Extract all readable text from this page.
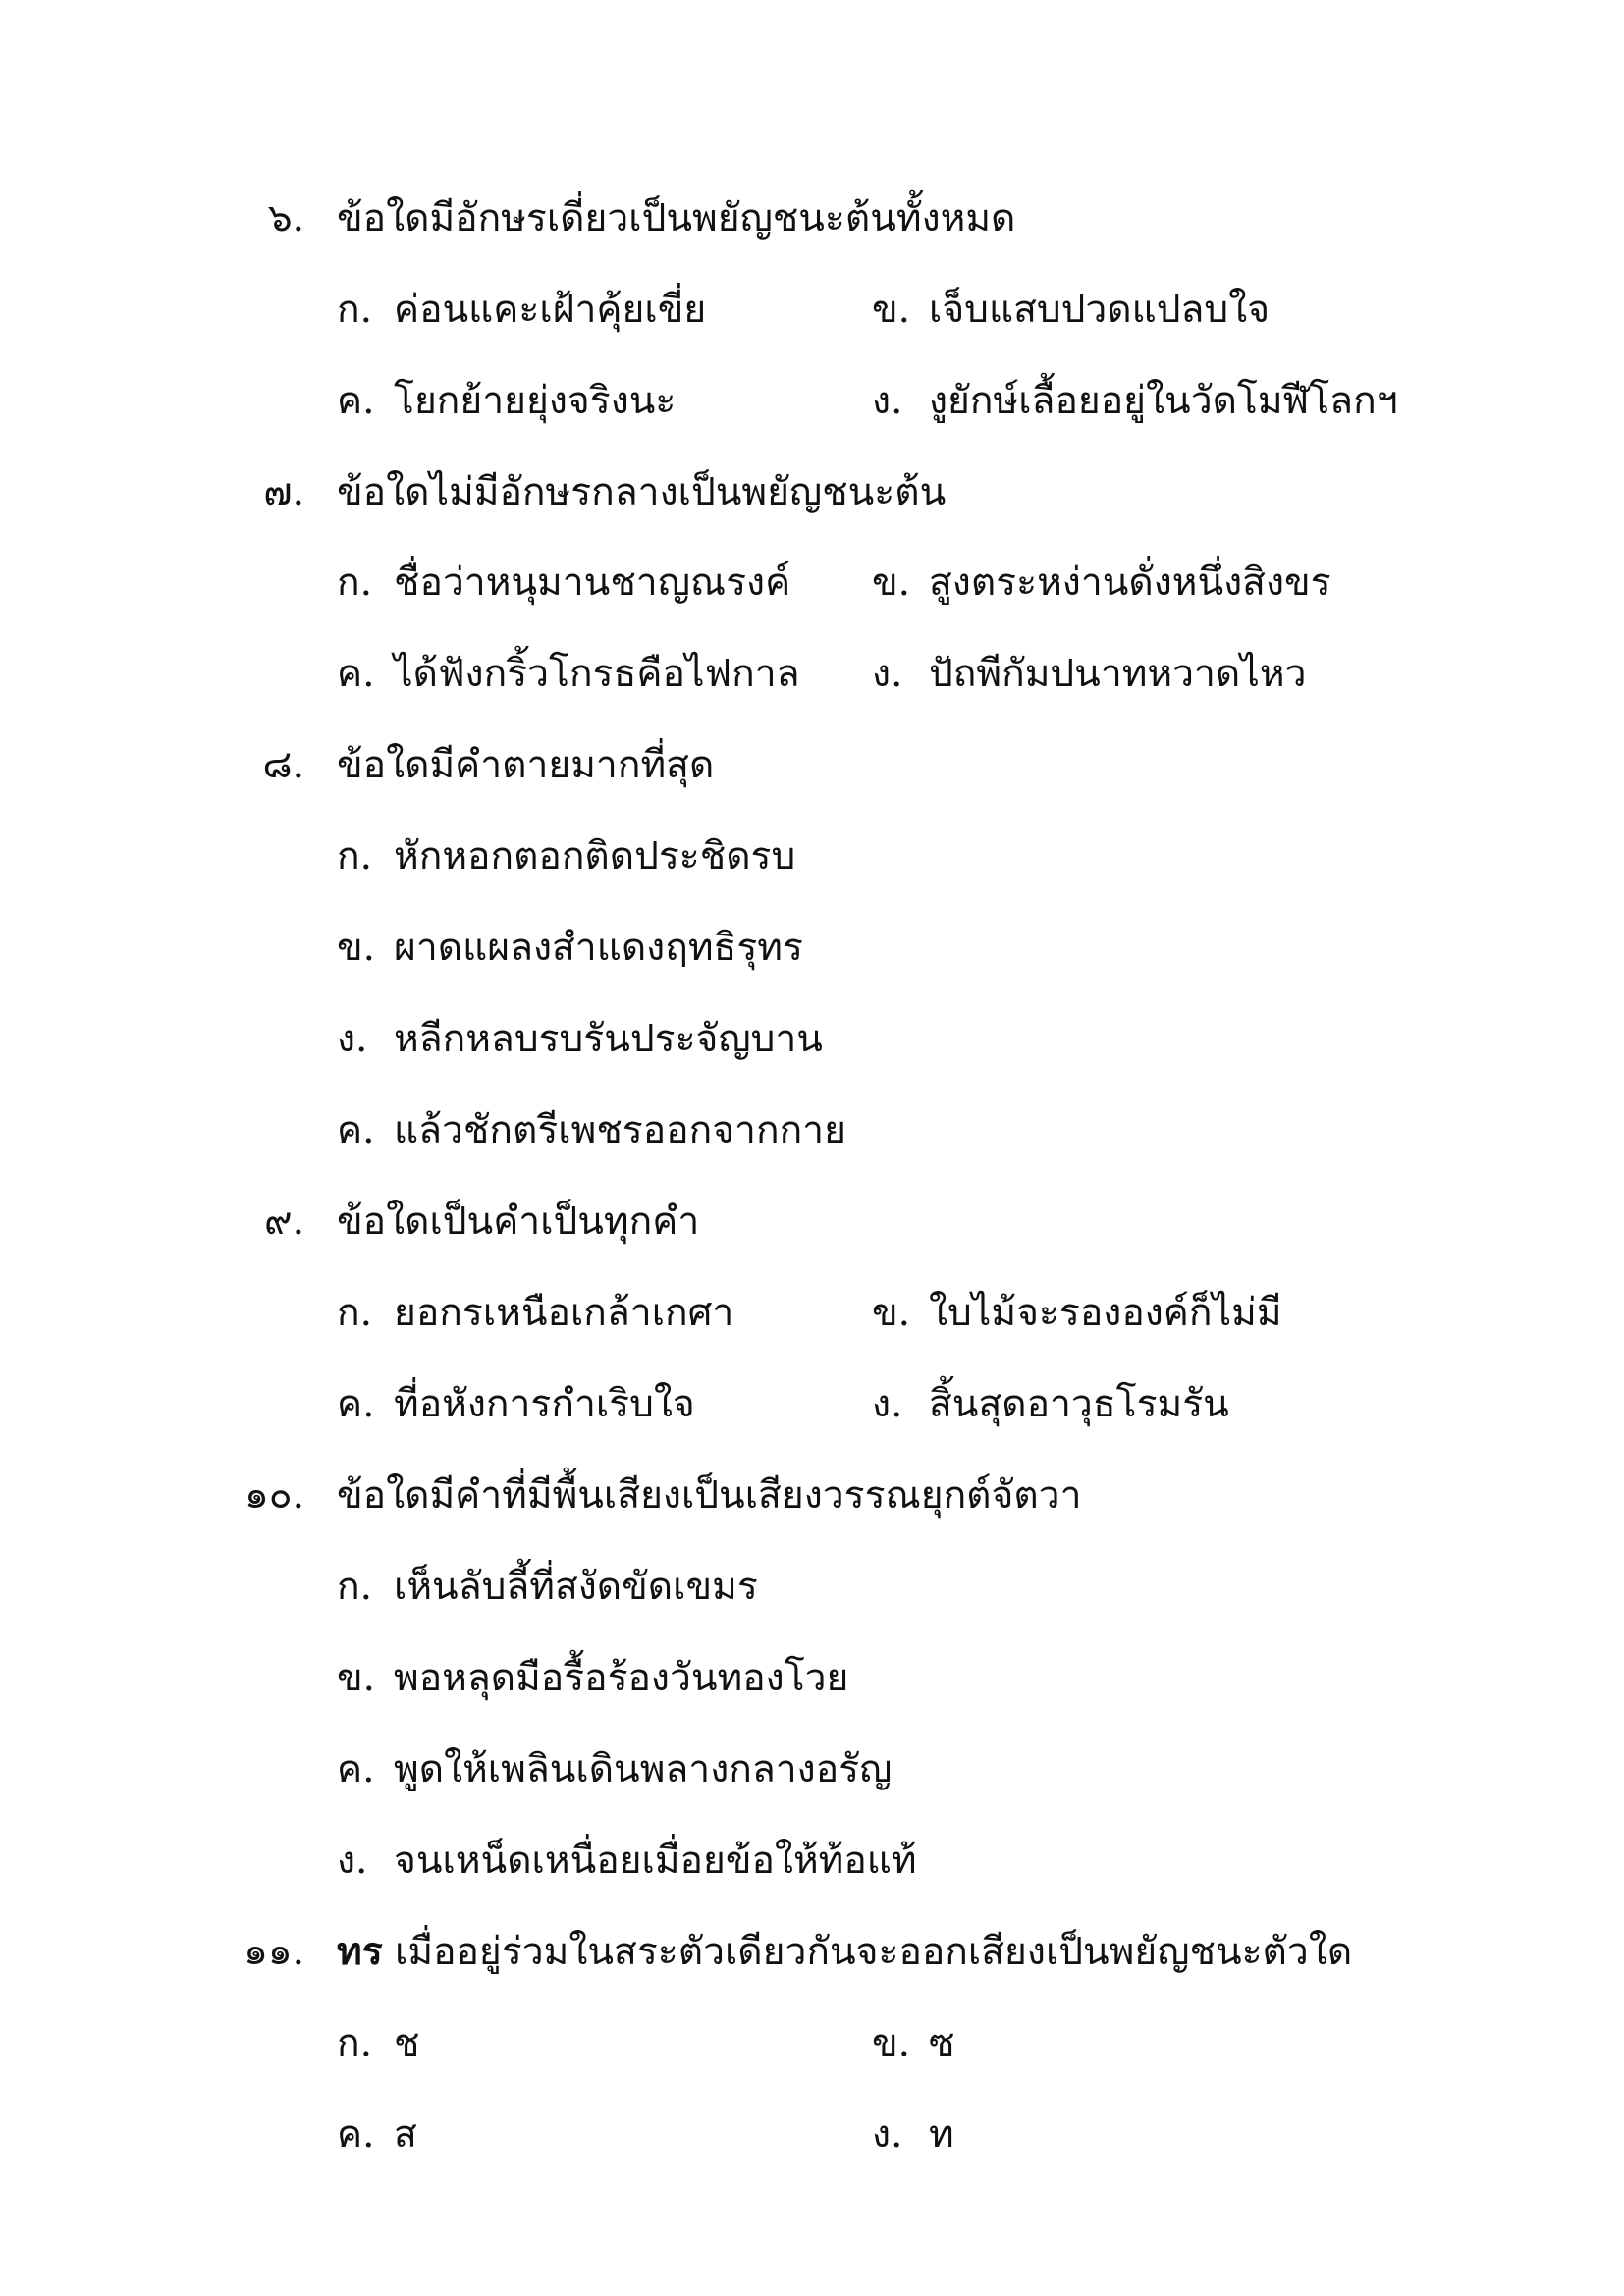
๖. ข้อใดมีอักษรเดี่ยวเป็นพยัญชนะต้นทั้งหมด
ก. ค่อนแคะเฝ้าคุ้ยเขี่ย	ข. เจ็บแสบปวดแปลบใจ
ค. โยกย้ายยุ่งจริงนะ	ง. งูยักษ์เลื้อยอยู่ในวัดโมฬีโลกฯ
๗. ข้อใดไม่มีอักษรกลางเป็นพยัญชนะต้น
ก. ชื่อว่าหนุมานชาญณรงค์ ข. สูงตระหง่านดั่งหนึ่งสิงขร
ค. ได้ฟังกริ้วโกรธคือไฟกาล ง. ปัถพีกัมปนาทหวาดไหว
๘. ข้อใดมีคำตายมากที่สุด
ก. หักหอกตอกติดประชิดรบ
ข. ผาดแผลงสำแดงฤทธิรุทร
ง. หลีกหลบรบรันประจัญบาน
ค. แล้วชักตรีเพชรออกจากกาย
๙. ข้อใดเป็นคำเป็นทุกคำ
ก. ยอกรเหนือเกล้าเกศา	ข. ใบไม้จะรององค์ก็ไม่มี
ค. ที่อหังการกำเริบใจ	ง. สิ้นสุดอาวุธโรมรัน
๑๐. ข้อใดมีคำที่มีพื้นเสียงเป็นเสียงวรรณยุกต์จัตวา
ก. เห็นลับลี้ที่สงัดขัดเขมร
ข. พอหลุดมือรื้อร้องวันทองโวย
ค. พูดให้เพลินเดินพลางกลางอรัญ
ง. จนเหน็ดเหนื่อยเมื่อยข้อให้ท้อแท้
๑๑. ทร เมื่ออยู่ร่วมในสระตัวเดียวกันจะออกเสียงเป็นพยัญชนะตัวใด
ก. ช	ข. ซ
ค. ส	ง. ท
